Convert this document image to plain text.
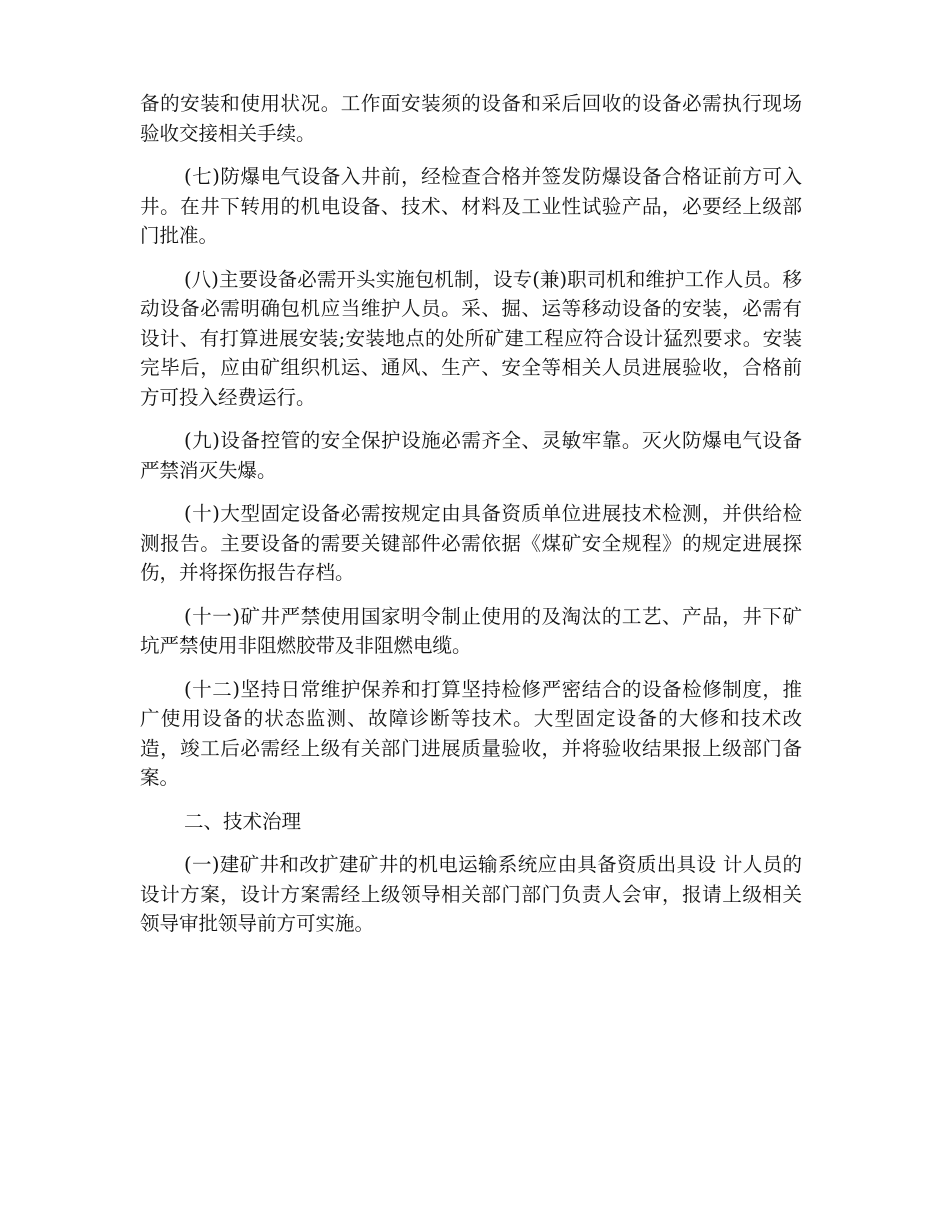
备的安装和使用状况。工作面安装须的设备和采后回收的设备必需执行现场验收交接相关手续。

(七)防爆电气设备入井前，经检查合格并签发防爆设备合格证前方可入井。在井下转用的机电设备、技术、材料及工业性试验产品，必要经上级部门批准。

(八)主要设备必需开头实施包机制，设专(兼)职司机和维护工作人员。移动设备必需明确包机应当维护人员。采、掘、运等移动设备的安装，必需有设计、有打算进展安装;安装地点的处所矿建工程应符合设计猛烈要求。安装完毕后，应由矿组织机运、通风、生产、安全等相关人员进展验收，合格前方可投入经费运行。

(九)设备控管的安全保护设施必需齐全、灵敏牢靠。灭火防爆电气设备严禁消灭失爆。

(十)大型固定设备必需按规定由具备资质单位进展技术检测，并供给检测报告。主要设备的需要关键部件必需依据《煤矿安全规程》的规定进展探伤，并将探伤报告存档。

(十一)矿井严禁使用国家明令制止使用的及淘汰的工艺、产品，井下矿坑严禁使用非阻燃胶带及非阻燃电缆。

(十二)坚持日常维护保养和打算坚持检修严密结合的设备检修制度，推广使用设备的状态监测、故障诊断等技术。大型固定设备的大修和技术改造，竣工后必需经上级有关部门进展质量验收，并将验收结果报上级部门备案。

二、技术治理

(一)建矿井和改扩建矿井的机电运输系统应由具备资质出具设 计人员的设计方案，设计方案需经上级领导相关部门部门负责人会审，报请上级相关领导审批领导前方可实施。
